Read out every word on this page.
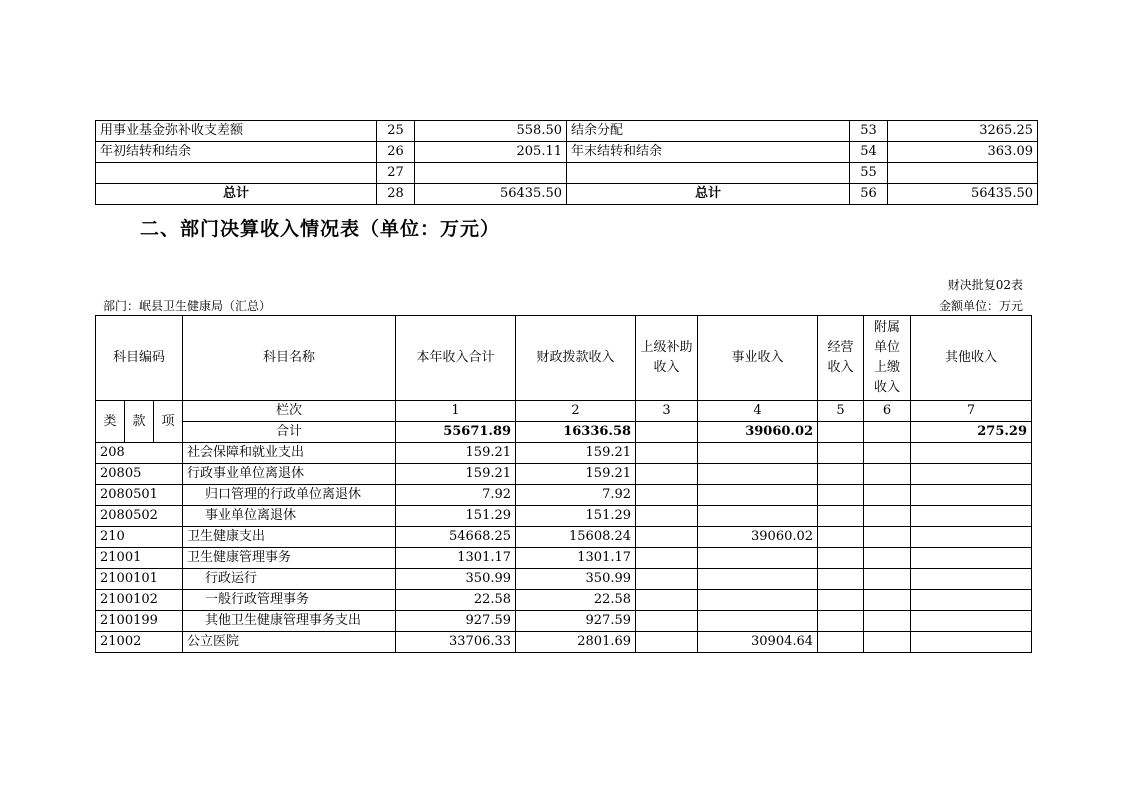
用事业基金弥补收支差额	25	558.50	结余分配	53	3265.25
年初结转和结余	26	205.11	年末结转和结余	54	363.09
	27			55	
总计	28	56435.50	总计	56	56435.50
二、部门决算收入情况表（单位：万元）
财决批复02表
部门：岷县卫生健康局（汇总）	金额单位：万元
科目编码			科目名称	本年收入合计	财政拨款收入	上级补助收入	事业收入	经营收入	附属单位上缴收入	其他收入
类	款	项	栏次	1	2	3	4	5	6	7
			合计	55671.89	16336.58		39060.02			275.29
208			社会保障和就业支出	159.21	159.21					
20805			行政事业单位离退休	159.21	159.21					
2080501			归口管理的行政单位离退休	7.92	7.92					
2080502			事业单位离退休	151.29	151.29					
210			卫生健康支出	54668.25	15608.24		39060.02			
21001			卫生健康管理事务	1301.17	1301.17					
2100101			行政运行	350.99	350.99					
2100102			一般行政管理事务	22.58	22.58					
2100199			其他卫生健康管理事务支出	927.59	927.59					
21002			公立医院	33706.33	2801.69		30904.64			
